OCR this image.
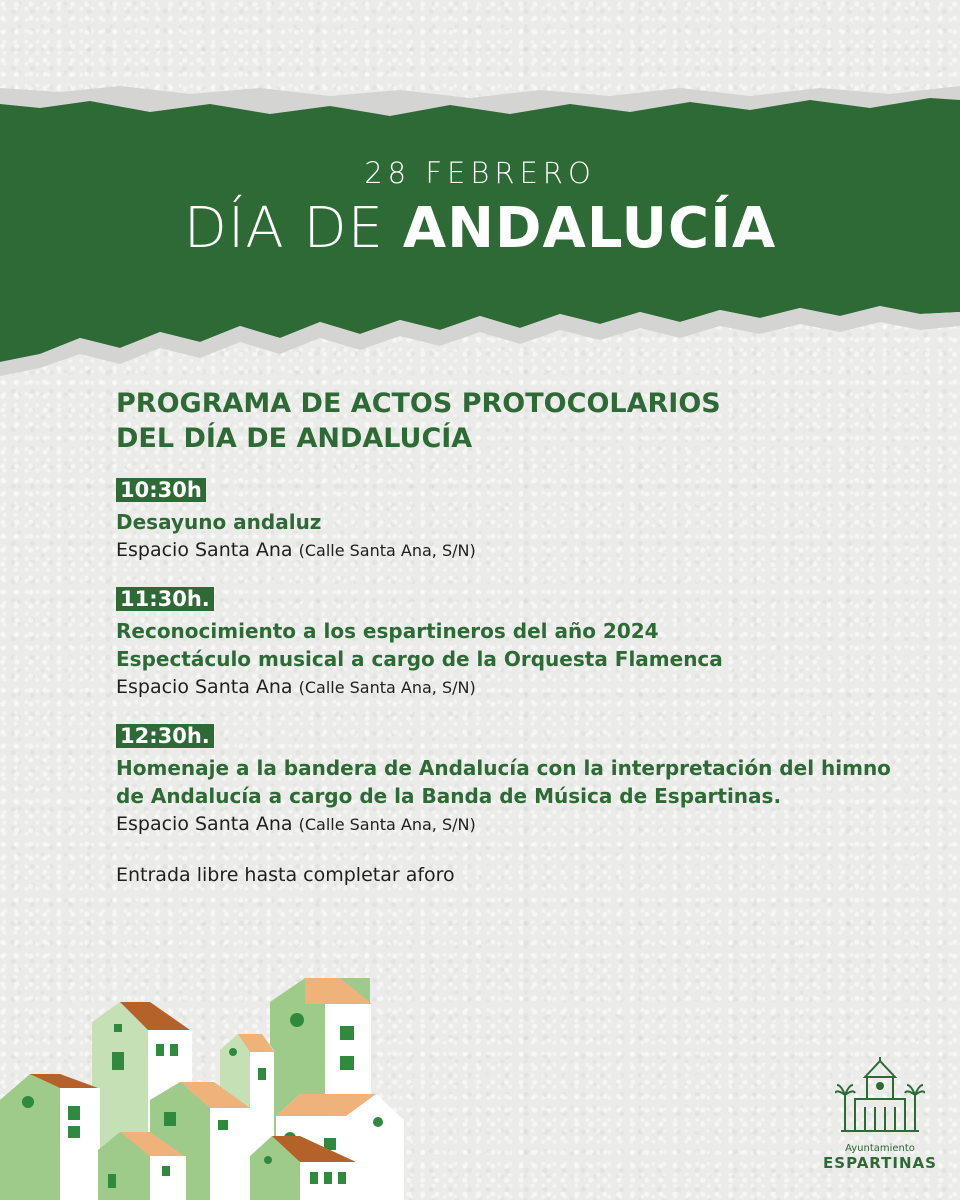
28 FEBRERO
DÍA DE ANDALUCÍA
PROGRAMA DE ACTOS PROTOCOLARIOS
DEL DÍA DE ANDALUCÍA
10:30h
Desayuno andaluz
Espacio Santa Ana (Calle Santa Ana, S/N)
11:30h.
Reconocimiento a los espartineros del año 2024
Espectáculo musical a cargo de la Orquesta Flamenca
Espacio Santa Ana (Calle Santa Ana, S/N)
12:30h.
Homenaje a la bandera de Andalucía con la interpretación del himno
de Andalucía a cargo de la Banda de Música de Espartinas.
Espacio Santa Ana (Calle Santa Ana, S/N)
Entrada libre hasta completar aforo
Ayuntamiento
ESPARTINAS
